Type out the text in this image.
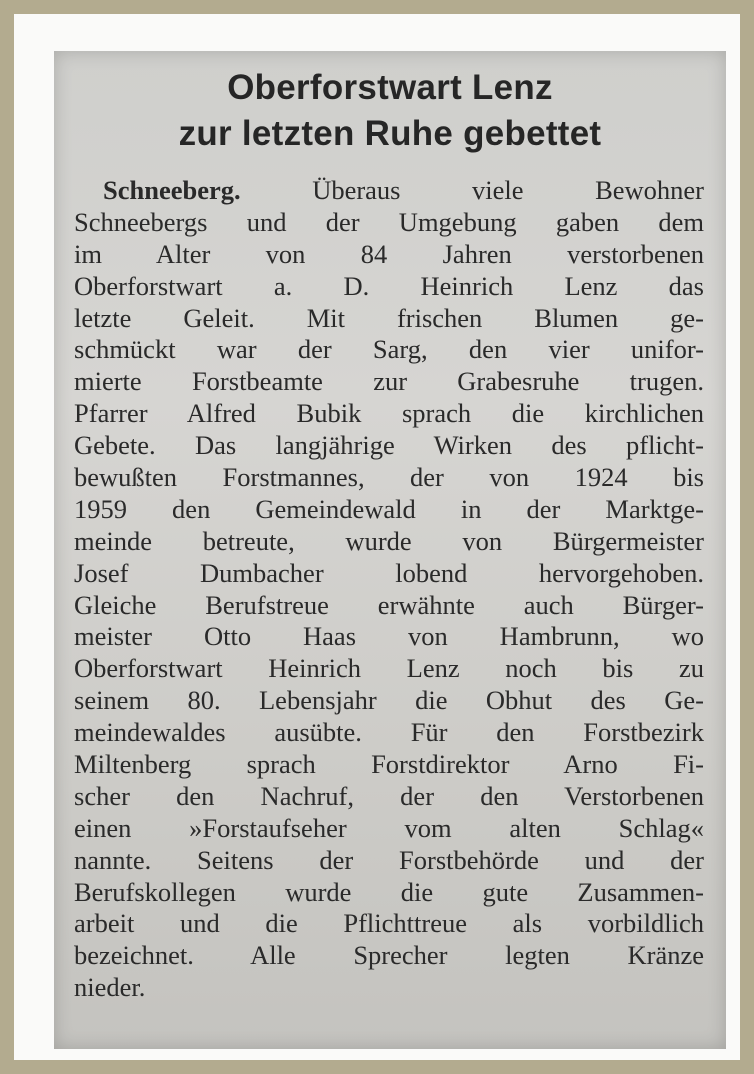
Oberforstwart Lenz
zur letzten Ruhe gebettet
Schneeberg.	Überaus viele Bewohner
Schneebergs und der Umgebung gaben dem
im Alter von 84 Jahren verstorbenen
Oberforstwart a. D. Heinrich Lenz das
letzte Geleit. Mit frischen Blumen ge-
schmückt war der Sarg, den vier unifor-
mierte Forstbeamte zur Grabesruhe trugen.
Pfarrer Alfred Bubik sprach die kirchlichen
Gebete. Das langjährige Wirken des pflicht-
bewußten Forstmannes, der von 1924 bis
1959 den Gemeindewald in der Marktge-
meinde betreute, wurde von Bürgermeister
Josef Dumbacher lobend hervorgehoben.
Gleiche Berufstreue erwähnte auch Bürger-
meister Otto Haas von Hambrunn, wo
Oberforstwart Heinrich Lenz noch bis zu
seinem 80. Lebensjahr die Obhut des Ge-
meindewaldes ausübte. Für den Forstbezirk
Miltenberg sprach Forstdirektor Arno Fi-
scher den Nachruf, der den Verstorbenen
einen »Forstaufseher vom alten Schlag«
nannte. Seitens der Forstbehörde und der
Berufskollegen wurde die gute Zusammen-
arbeit und die Pflichttreue als vorbildlich
bezeichnet. Alle Sprecher legten Kränze
nieder.
